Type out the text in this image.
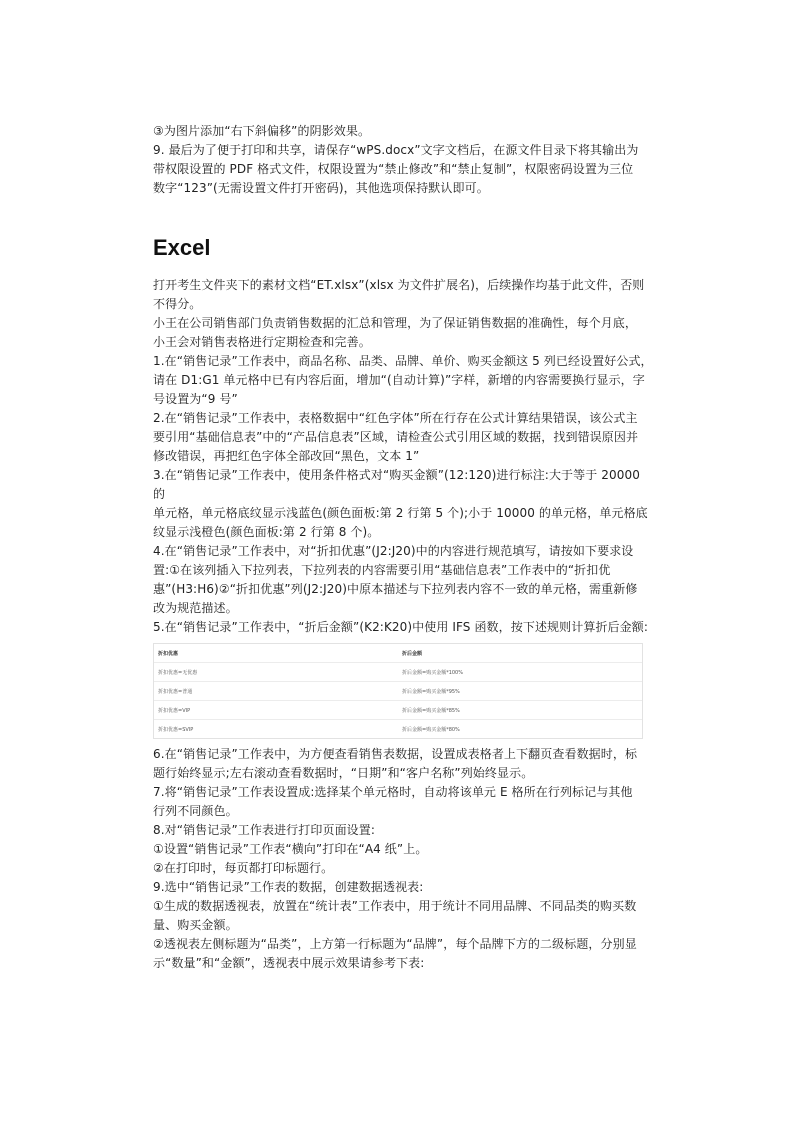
③为图片添加“右下斜偏移”的阴影效果。

9. 最后为了便于打印和共享，请保存“wPS.docx”文字文档后，在源文件目录下将其输出为

带权限设置的 PDF 格式文件，权限设置为“禁止修改”和“禁止复制”，权限密码设置为三位

数字“123”(无需设置文件打开密码)，其他选项保持默认即可。

Excel

打开考生文件夹下的素材文档“ET.xlsx”(xlsx 为文件扩展名)，后续操作均基于此文件，否则

不得分。

小王在公司销售部门负责销售数据的汇总和管理，为了保证销售数据的准确性，每个月底，

小王会对销售表格进行定期检查和完善。

1.在“销售记录”工作表中，商品名称、品类、品牌、单价、购买金额这 5 列已经设置好公式，

请在 D1:G1 单元格中已有内容后面，增加“(自动计算)”字样，新增的内容需要换行显示，字

号设置为“9 号”

2.在“销售记录”工作表中，表格数据中“红色字体”所在行存在公式计算结果错误，该公式主

要引用“基础信息表”中的“产品信息表”区域，请检查公式引用区域的数据，找到错误原因并

修改错误，再把红色字体全部改回“黑色，文本 1”

3.在“销售记录”工作表中，使用条件格式对“购买金额”(12:120)进行标注:大于等于 20000 的

单元格，单元格底纹显示浅蓝色(颜色面板:第 2 行第 5 个);小于 10000 的单元格，单元格底

纹显示浅橙色(颜色面板:第 2 行第 8 个)。

4.在“销售记录”工作表中，对“折扣优惠”(J2:J20)中的内容进行规范填写，请按如下要求设

置:①在该列插入下拉列表，下拉列表的内容需要引用“基础信息表”工作表中的“折扣优

惠”(H3:H6)②“折扣优惠”列(J2:J20)中原本描述与下拉列表内容不一致的单元格，需重新修

改为规范描述。

5.在“销售记录”工作表中，“折后金额”(K2:K20)中使用 IFS 函数，按下述规则计算折后金额:

折扣优惠	折后金额
折扣优惠=无优惠	折后金额=购买金额*100%
折扣优惠=普通	折后金额=购买金额*95%
折扣优惠=VIP	折后金额=购买金额*85%
折扣优惠=SVIP	折后金额=购买金额*80%

6.在“销售记录”工作表中，为方便查看销售表数据，设置成表格者上下翻页查看数据时，标

题行始终显示;左右滚动查看数据时，“日期”和“客户名称”列始终显示。

7.将“销售记录”工作表设置成:选择某个单元格时，自动将该单元 E 格所在行列标记与其他

行列不同颜色。

8.对“销售记录”工作表进行打印页面设置:

①设置“销售记录”工作表“横向”打印在“A4 纸”上。

②在打印时，每页都打印标题行。

9.选中“销售记录”工作表的数据，创建数据透视表:

①生成的数据透视表，放置在“统计表”工作表中，用于统计不同用品牌、不同品类的购买数

量、购买金额。

②透视表左侧标题为“品类”，上方第一行标题为“品牌”，每个品牌下方的二级标题，分别显

示“数量”和“金额”，透视表中展示效果请参考下表:
